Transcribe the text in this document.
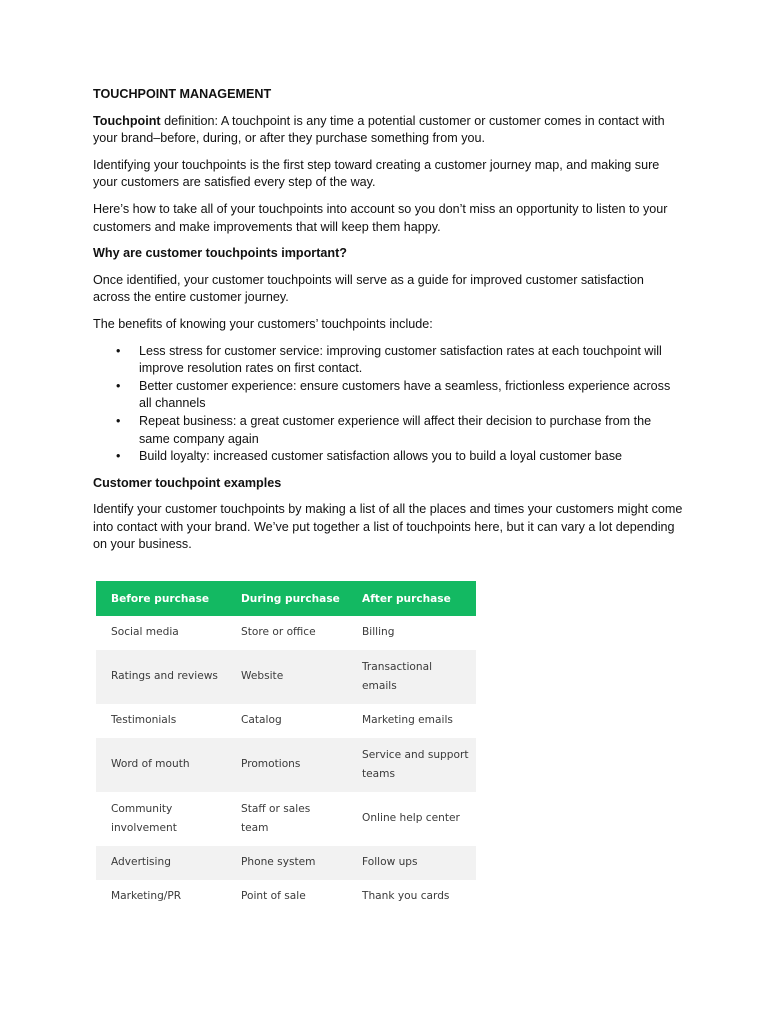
TOUCHPOINT MANAGEMENT

Touchpoint definition: A touchpoint is any time a potential customer or customer comes in contact with your brand–before, during, or after they purchase something from you.

Identifying your touchpoints is the first step toward creating a customer journey map, and making sure your customers are satisfied every step of the way.

Here’s how to take all of your touchpoints into account so you don’t miss an opportunity to listen to your customers and make improvements that will keep them happy.

Why are customer touchpoints important?

Once identified, your customer touchpoints will serve as a guide for improved customer satisfaction across the entire customer journey.

The benefits of knowing your customers’ touchpoints include:

• Less stress for customer service: improving customer satisfaction rates at each touchpoint will improve resolution rates on first contact.
• Better customer experience: ensure customers have a seamless, frictionless experience across all channels
• Repeat business: a great customer experience will affect their decision to purchase from the same company again
• Build loyalty: increased customer satisfaction allows you to build a loyal customer base
Customer touchpoint examples

Identify your customer touchpoints by making a list of all the places and times your customers might come into contact with your brand. We’ve put together a list of touchpoints here, but it can vary a lot depending on your business.

Before purchase	During purchase	After purchase
Social media	Store or office	Billing
Ratings and reviews	Website	Transactional emails
Testimonials	Catalog	Marketing emails
Word of mouth	Promotions	Service and support teams
Community involvement	Staff or sales team	Online help center
Advertising	Phone system	Follow ups
Marketing/PR	Point of sale	Thank you cards
